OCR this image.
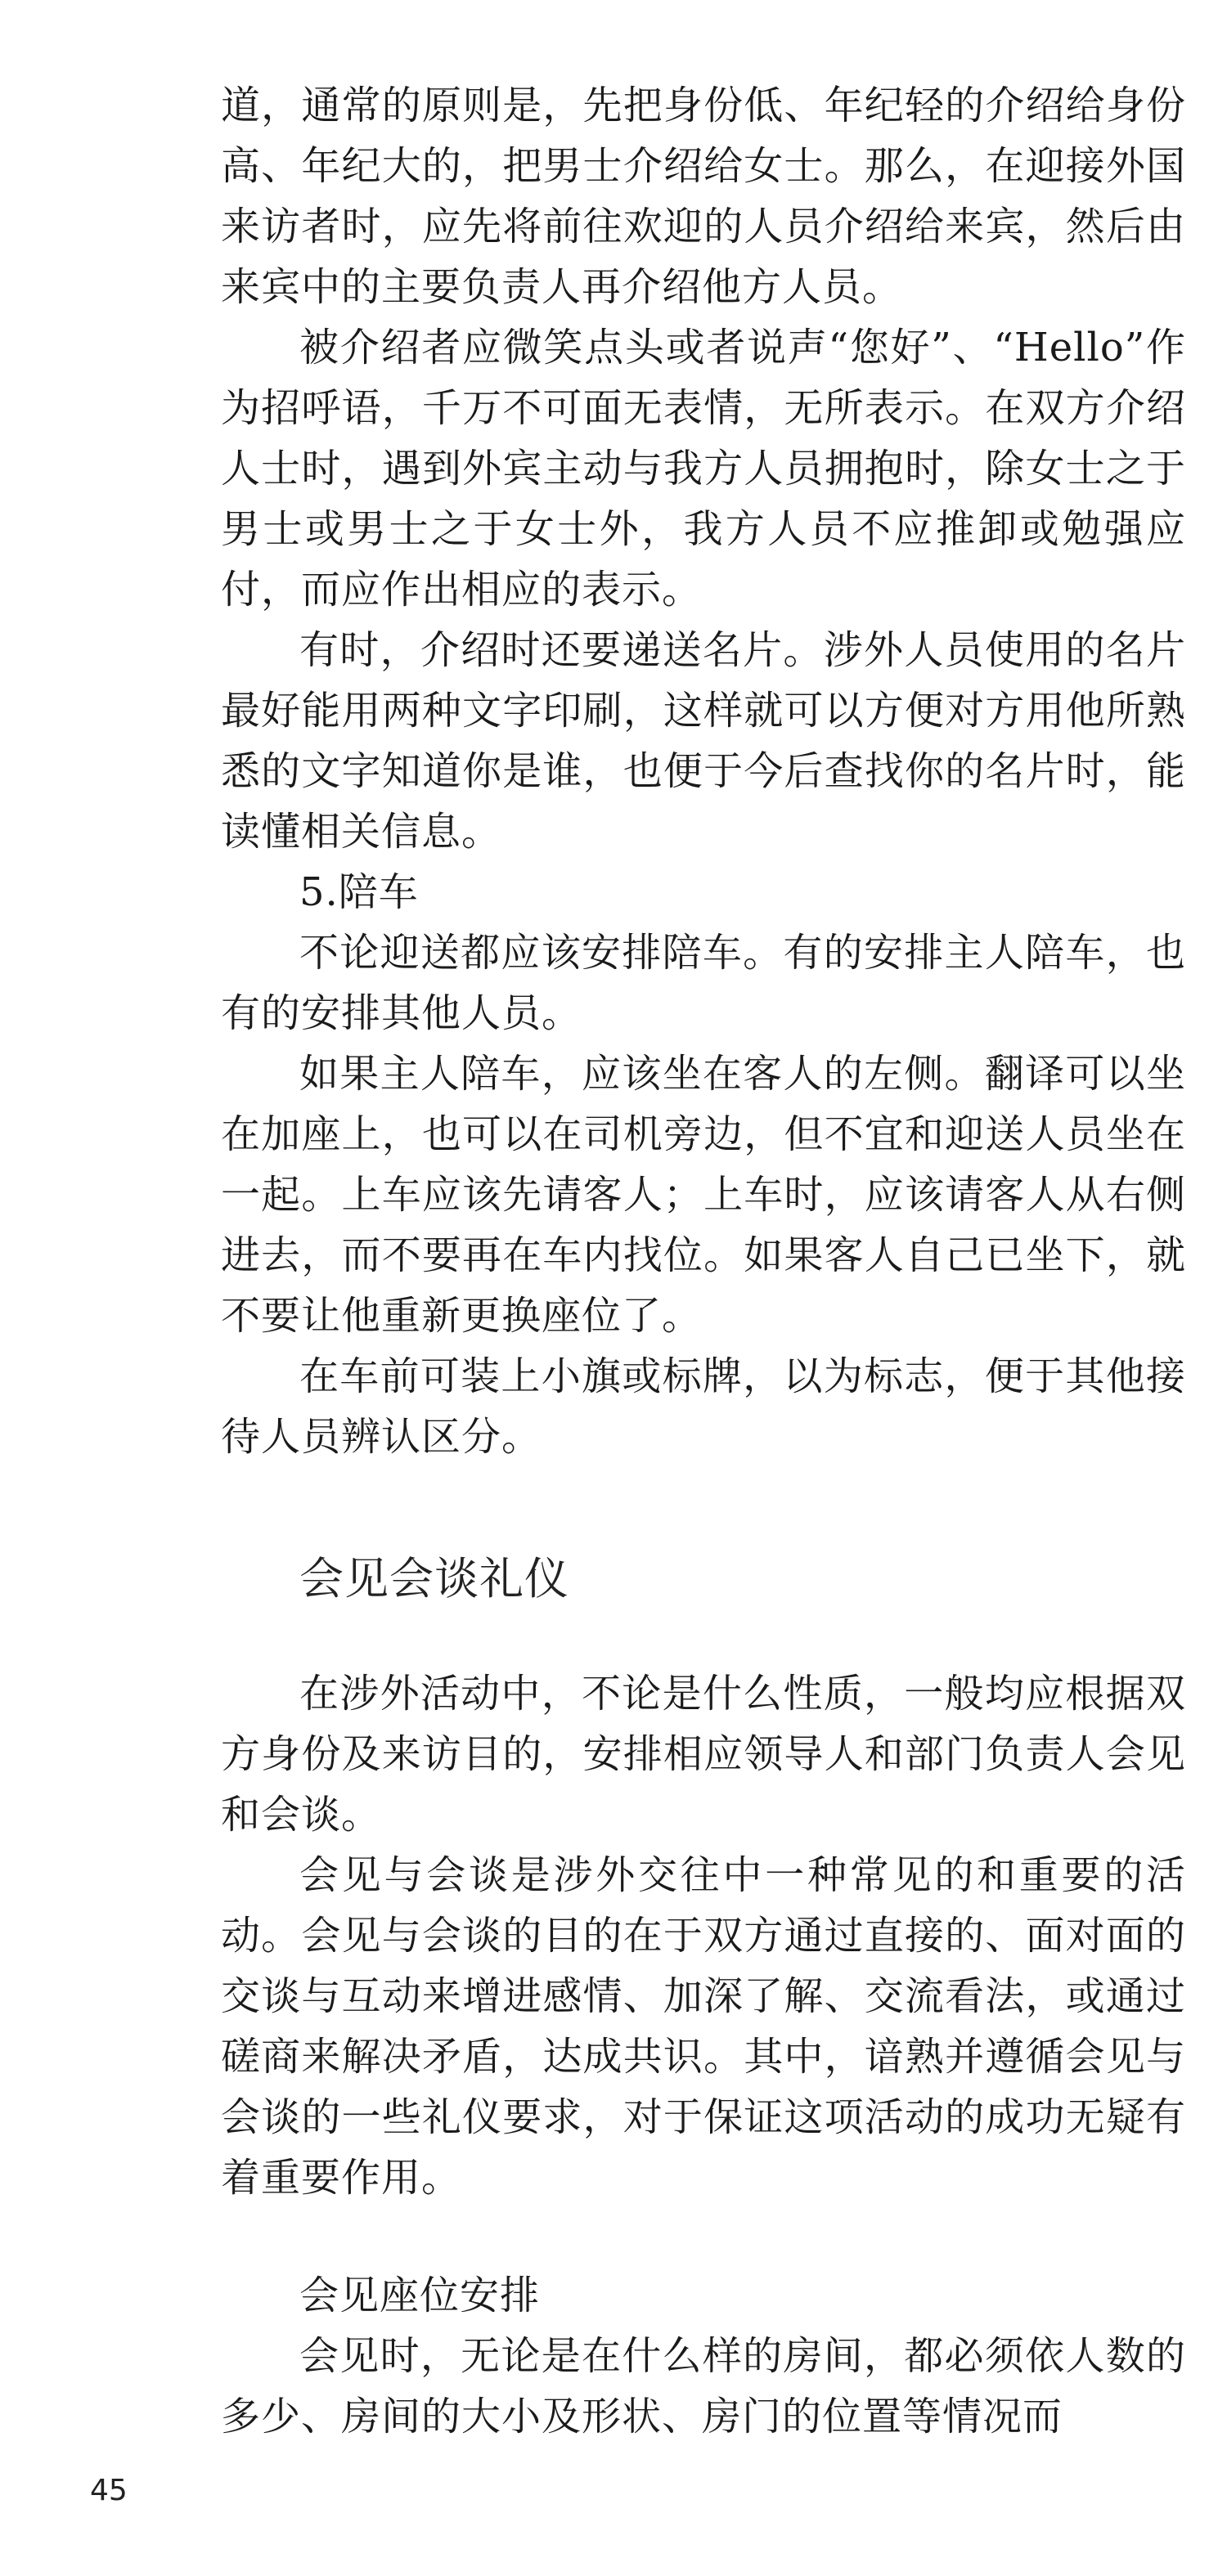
道，通常的原则是，先把身份低、年纪轻的介绍给身份高、年纪大的，把男士介绍给女士。那么，在迎接外国来访者时，应先将前往欢迎的人员介绍给来宾，然后由来宾中的主要负责人再介绍他方人员。

被介绍者应微笑点头或者说声“您好”、“Hello”作为招呼语，千万不可面无表情，无所表示。在双方介绍人士时，遇到外宾主动与我方人员拥抱时，除女士之于男士或男士之于女士外，我方人员不应推卸或勉强应付，而应作出相应的表示。

有时，介绍时还要递送名片。涉外人员使用的名片最好能用两种文字印刷，这样就可以方便对方用他所熟悉的文字知道你是谁，也便于今后查找你的名片时，能读懂相关信息。

5.陪车

不论迎送都应该安排陪车。有的安排主人陪车，也有的安排其他人员。

如果主人陪车，应该坐在客人的左侧。翻译可以坐在加座上，也可以在司机旁边，但不宜和迎送人员坐在一起。上车应该先请客人；上车时，应该请客人从右侧进去，而不要再在车内找位。如果客人自己已坐下，就不要让他重新更换座位了。

在车前可装上小旗或标牌，以为标志，便于其他接待人员辨认区分。

会见会谈礼仪

在涉外活动中，不论是什么性质，一般均应根据双方身份及来访目的，安排相应领导人和部门负责人会见和会谈。

会见与会谈是涉外交往中一种常见的和重要的活动。会见与会谈的目的在于双方通过直接的、面对面的交谈与互动来增进感情、加深了解、交流看法，或通过磋商来解决矛盾，达成共识。其中，谙熟并遵循会见与会谈的一些礼仪要求，对于保证这项活动的成功无疑有着重要作用。

会见座位安排

会见时，无论是在什么样的房间，都必须依人数的多少、房间的大小及形状、房门的位置等情况而

45
